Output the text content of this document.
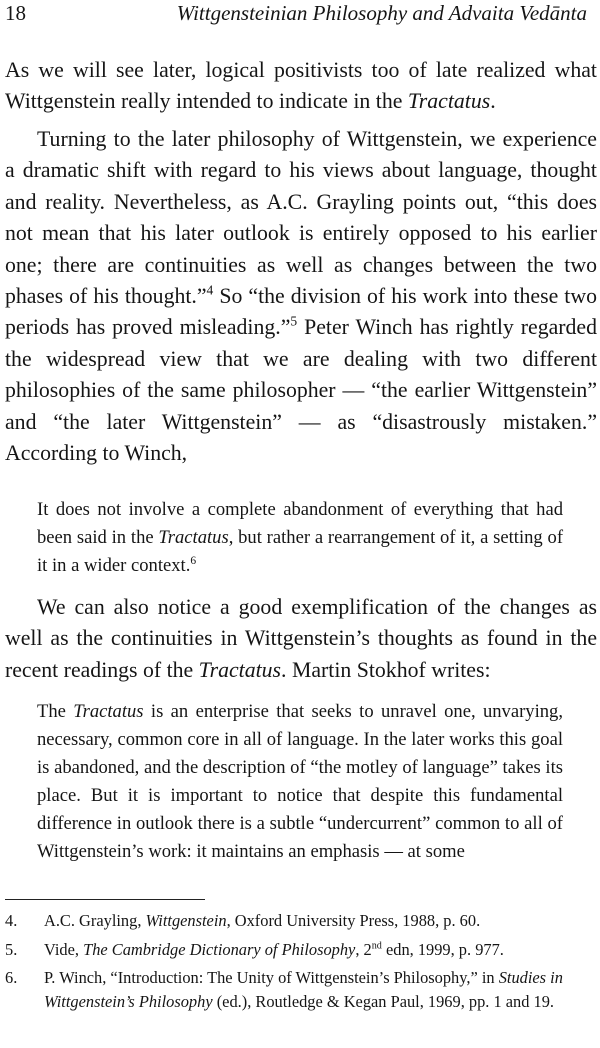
18	Wittgensteinian Philosophy and Advaita Vedānta

As we will see later, logical positivists too of late realized what Wittgenstein really intended to indicate in the Tractatus.

Turning to the later philosophy of Wittgenstein, we experience a dramatic shift with regard to his views about language, thought and reality. Nevertheless, as A.C. Grayling points out, “this does not mean that his later outlook is entirely opposed to his earlier one; there are continuities as well as changes between the two phases of his thought.”$^4$ So “the division of his work into these two periods has proved misleading.”$^5$ Peter Winch has rightly regarded the widespread view that we are dealing with two different philosophies of the same philosopher — “the earlier Wittgenstein” and “the later Wittgenstein” — as “disastrously mistaken.” According to Winch,

It does not involve a complete abandonment of everything that had been said in the Tractatus, but rather a rearrangement of it, a setting of it in a wider context.$^6$

We can also notice a good exemplification of the changes as well as the continuities in Wittgenstein’s thoughts as found in the recent readings of the Tractatus. Martin Stokhof writes:

The Tractatus is an enterprise that seeks to unravel one, unvarying, necessary, common core in all of language. In the later works this goal is abandoned, and the description of “the motley of language” takes its place. But it is important to notice that despite this fundamental difference in outlook there is a subtle “undercurrent” common to all of Wittgenstein’s work: it maintains an emphasis — at some

4.	A.C. Grayling, Wittgenstein, Oxford University Press, 1988, p. 60.
5.	Vide, The Cambridge Dictionary of Philosophy, 2nd edn, 1999, p. 977.
6.	P. Winch, “Introduction: The Unity of Wittgenstein’s Philosophy,” in Studies in Wittgenstein’s Philosophy (ed.), Routledge & Kegan Paul, 1969, pp. 1 and 19.
